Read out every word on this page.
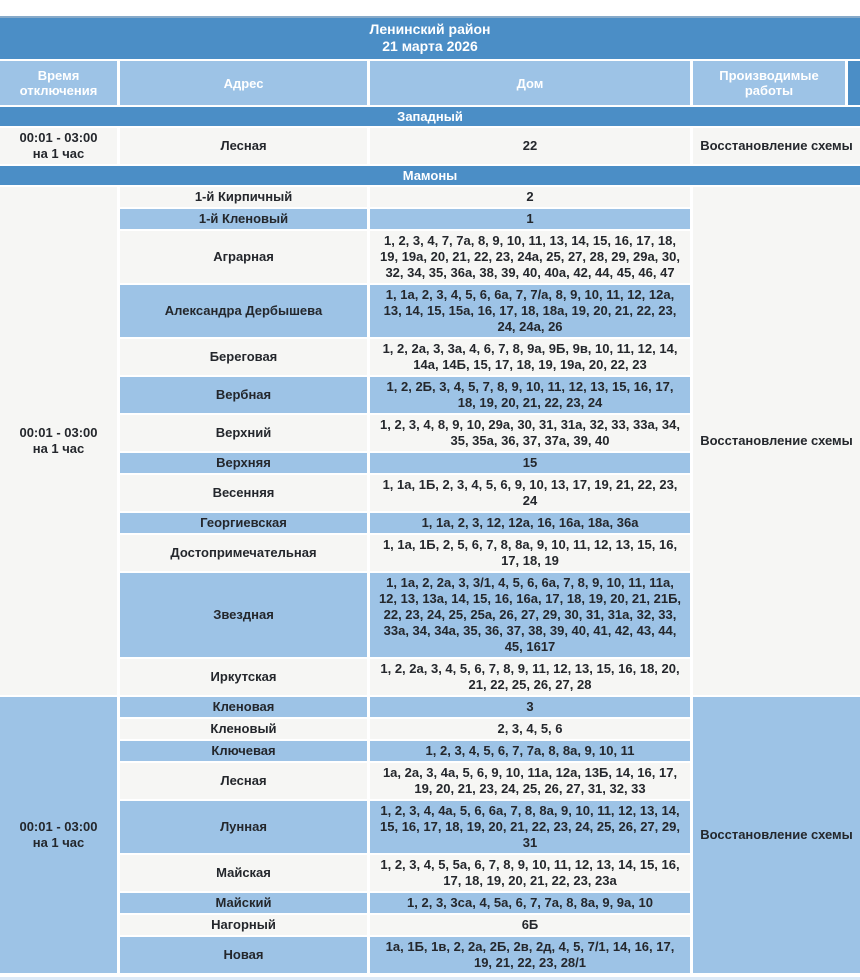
Ленинский район
21 марта 2026				

Время отключения	Адрес	Дом	Производимые работы	
Западный				

00:01 - 03:00
на 1 час	Лесная	22	Восстановление схемы	
Мамоны				

00:01 - 03:00
на 1 час	1-й Кирпичный	2	Восстановление схемы	
	1-й Кленовый	1		
	Аграрная	1, 2, 3, 4, 7, 7а, 8, 9, 10, 11, 13, 14, 15, 16, 17, 18, 19, 19а, 20, 21, 22, 23, 24а, 25, 27, 28, 29, 29а, 30, 32, 34, 35, 36а, 38, 39, 40, 40а, 42, 44, 45, 46, 47		
	Александра Дербышева	1, 1а, 2, 3, 4, 5, 6, 6а, 7, 7/а, 8, 9, 10, 11, 12, 12а, 13, 14, 15, 15а, 16, 17, 18, 18а, 19, 20, 21, 22, 23, 24, 24а, 26		
	Береговая	1, 2, 2а, 3, 3а, 4, 6, 7, 8, 9а, 9Б, 9в, 10, 11, 12, 14, 14а, 14Б, 15, 17, 18, 19, 19а, 20, 22, 23		
	Вербная	1, 2, 2Б, 3, 4, 5, 7, 8, 9, 10, 11, 12, 13, 15, 16, 17, 18, 19, 20, 21, 22, 23, 24		
	Верхний	1, 2, 3, 4, 8, 9, 10, 29а, 30, 31, 31а, 32, 33, 33а, 34, 35, 35а, 36, 37, 37а, 39, 40		
	Верхняя	15		
	Весенняя	1, 1а, 1Б, 2, 3, 4, 5, 6, 9, 10, 13, 17, 19, 21, 22, 23, 24		
	Георгиевская	1, 1а, 2, 3, 12, 12а, 16, 16а, 18а, 36а		
	Достопримечательная	1, 1а, 1Б, 2, 5, 6, 7, 8, 8а, 9, 10, 11, 12, 13, 15, 16, 17, 18, 19		
	Звездная	1, 1а, 2, 2а, 3, 3/1, 4, 5, 6, 6а, 7, 8, 9, 10, 11, 11а, 12, 13, 13а, 14, 15, 16, 16а, 17, 18, 19, 20, 21, 21Б, 22, 23, 24, 25, 25а, 26, 27, 29, 30, 31, 31а, 32, 33, 33а, 34, 34а, 35, 36, 37, 38, 39, 40, 41, 42, 43, 44, 45, 1617		
	Иркутская	1, 2, 2а, 3, 4, 5, 6, 7, 8, 9, 11, 12, 13, 15, 16, 18, 20, 21, 22, 25, 26, 27, 28		

00:01 - 03:00
на 1 час	Кленовая	3	Восстановление схемы	
	Кленовый	2, 3, 4, 5, 6		
	Ключевая	1, 2, 3, 4, 5, 6, 7, 7а, 8, 8а, 9, 10, 11		
	Лесная	1а, 2а, 3, 4а, 5, 6, 9, 10, 11а, 12а, 13Б, 14, 16, 17, 19, 20, 21, 23, 24, 25, 26, 27, 31, 32, 33		
	Лунная	1, 2, 3, 4, 4а, 5, 6, 6а, 7, 8, 8а, 9, 10, 11, 12, 13, 14, 15, 16, 17, 18, 19, 20, 21, 22, 23, 24, 25, 26, 27, 29, 31		
	Майская	1, 2, 3, 4, 5, 5а, 6, 7, 8, 9, 10, 11, 12, 13, 14, 15, 16, 17, 18, 19, 20, 21, 22, 23, 23а		
	Майский	1, 2, 3, 3са, 4, 5а, 6, 7, 7а, 8, 8а, 9, 9а, 10		
	Нагорный	6Б		
	Новая	1а, 1Б, 1в, 2, 2а, 2Б, 2в, 2д, 4, 5, 7/1, 14, 16, 17, 19, 21, 22, 23, 28/1		
